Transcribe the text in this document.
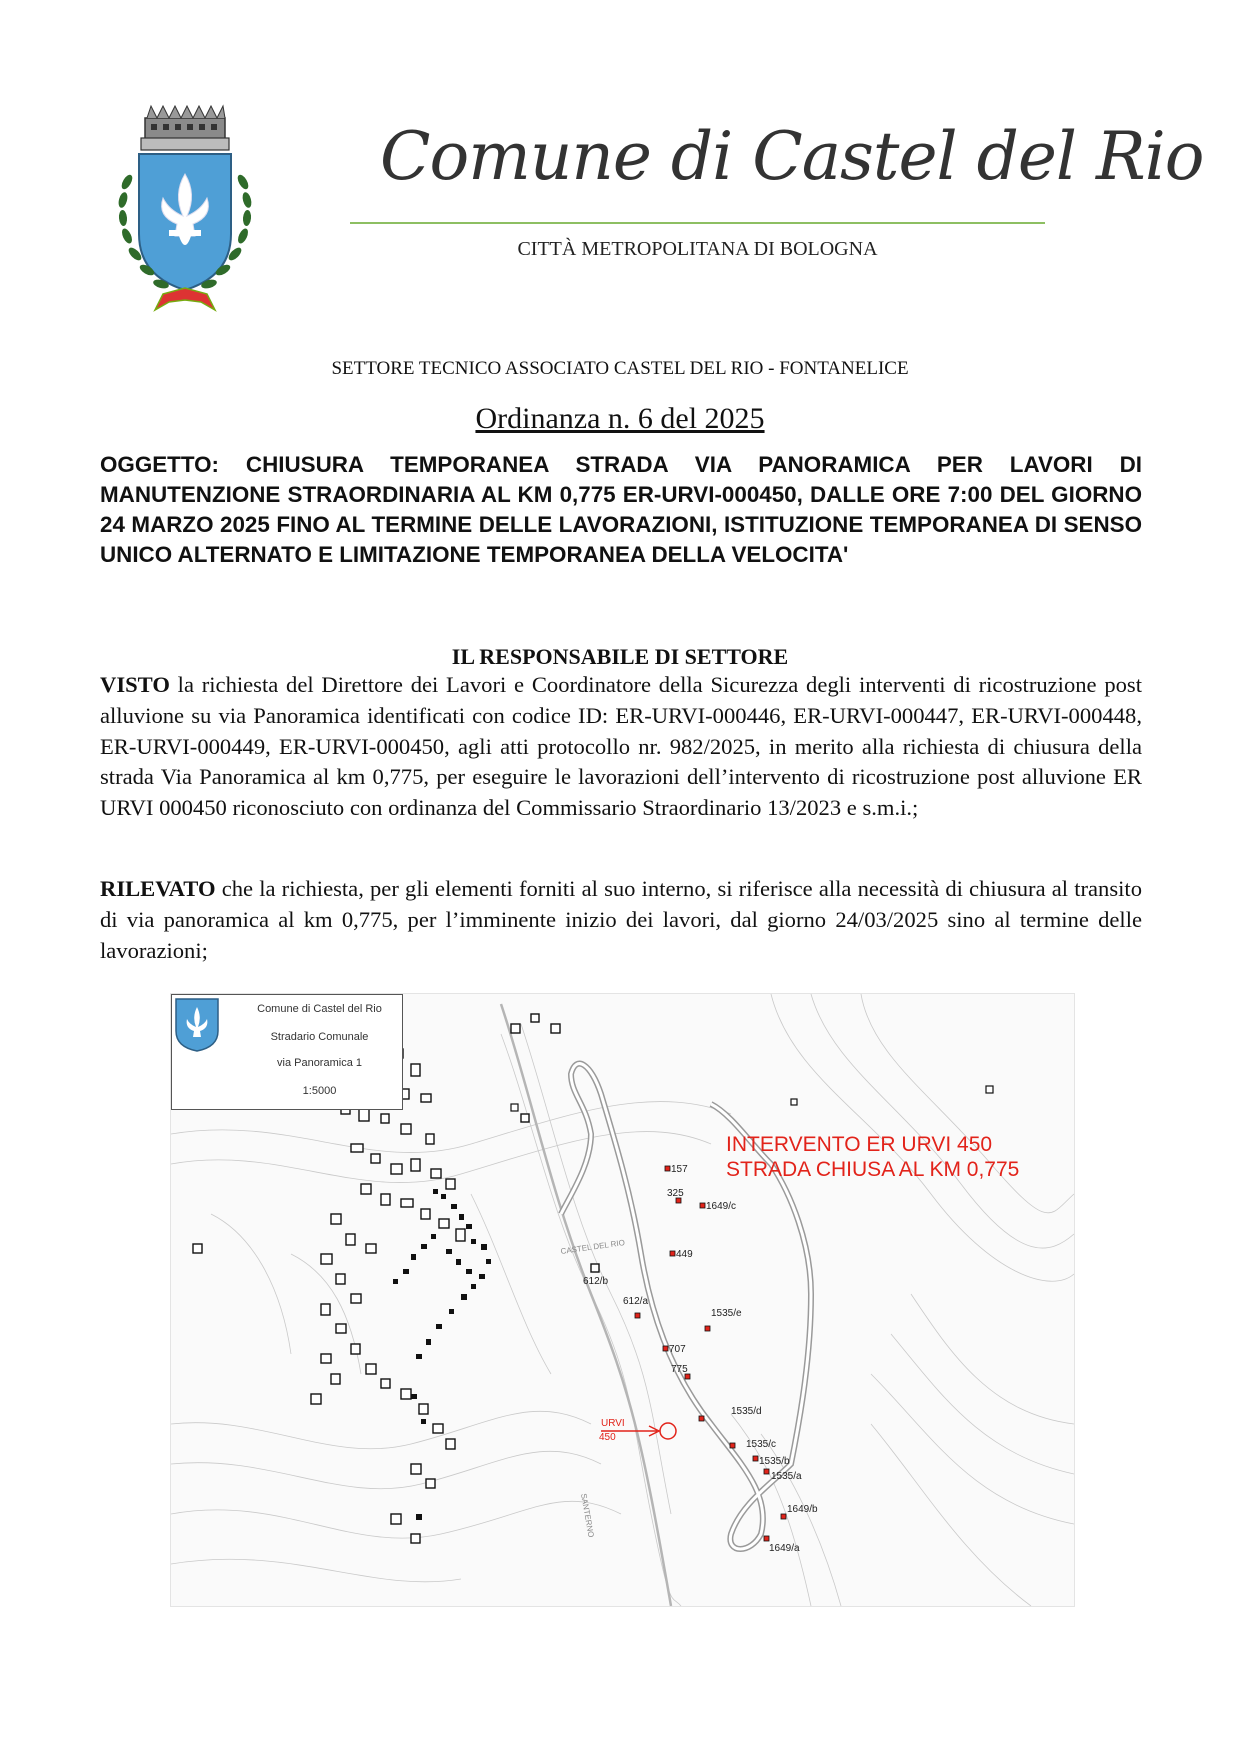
Comune di Castel del Rio
CITTÀ METROPOLITANA DI BOLOGNA
SETTORE TECNICO ASSOCIATO CASTEL DEL RIO - FONTANELICE
Ordinanza n. 6 del 2025

OGGETTO: CHIUSURA TEMPORANEA STRADA VIA PANORAMICA PER LAVORI DI MANUTENZIONE STRAORDINARIA AL KM 0,775 ER-URVI-000450, DALLE ORE 7:00 DEL GIORNO 24 MARZO 2025 FINO AL TERMINE DELLE LAVORAZIONI, ISTITUZIONE TEMPORANEA DI SENSO UNICO ALTERNATO E LIMITAZIONE TEMPORANEA DELLA VELOCITA'

IL RESPONSABILE DI SETTORE

VISTO la richiesta del Direttore dei Lavori e Coordinatore della Sicurezza degli interventi di ricostruzione post alluvione su via Panoramica identificati con codice ID: ER-URVI-000446, ER-URVI-000447, ER-URVI-000448, ER-URVI-000449, ER-URVI-000450, agli atti protocollo nr. 982/2025, in merito alla richiesta di chiusura della strada Via Panoramica al km 0,775, per eseguire le lavorazioni dell’intervento di ricostruzione post alluvione ER URVI 000450 riconosciuto con ordinanza del Commissario Straordinario 13/2023 e s.m.i.;

RILEVATO che la richiesta, per gli elementi forniti al suo interno, si riferisce alla necessità di chiusura al transito di via panoramica al km 0,775, per l’imminente inizio dei lavori, dal giorno 24/03/2025 sino al termine delle lavorazioni;

157
325
1649/c
449
612/b
612/a
1535/e
707
775
1535/d
1535/c
1535/b
1535/a
1649/b
1649/a
CASTEL DEL RIO
SANTERNO
URVI
450
Comune di Castel del Rio
Stradario Comunale
via Panoramica 1
1:5000
INTERVENTO ER URVI 450
STRADA CHIUSA AL KM 0,775
